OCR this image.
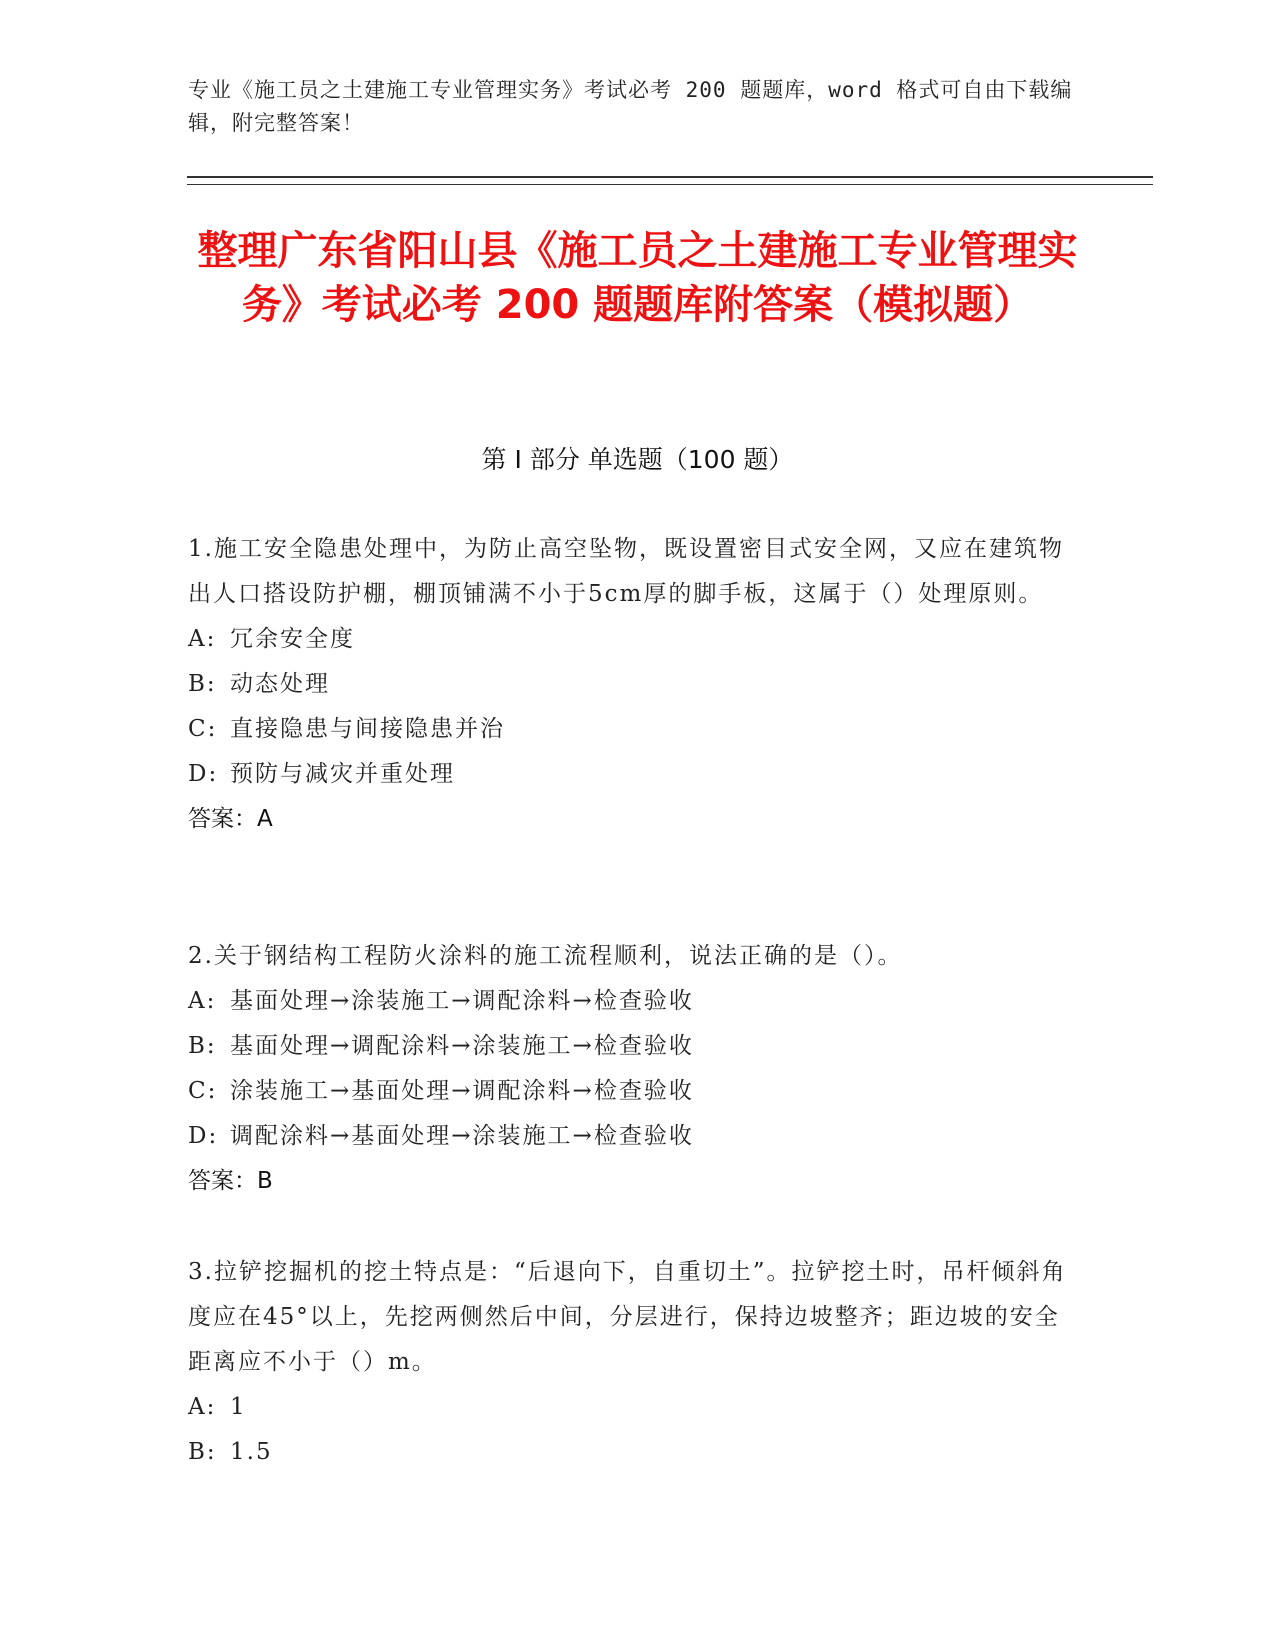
专业《施工员之土建施工专业管理实务》考试必考 200 题题库，word 格式可自由下载编辑，附完整答案！
整理广东省阳山县《施工员之土建施工专业管理实务》考试必考 200 题题库附答案（模拟题）
第 I 部分 单选题（100 题）
1.施工安全隐患处理中，为防止高空坠物，既设置密目式安全网，又应在建筑物出人口搭设防护棚，棚顶铺满不小于5cm厚的脚手板，这属于（）处理原则。
A: 冗余安全度
B: 动态处理
C: 直接隐患与间接隐患并治
D: 预防与减灾并重处理
答案：A
2.关于钢结构工程防火涂料的施工流程顺利，说法正确的是（）。
A: 基面处理→涂装施工→调配涂料→检查验收
B: 基面处理→调配涂料→涂装施工→检查验收
C: 涂装施工→基面处理→调配涂料→检查验收
D: 调配涂料→基面处理→涂装施工→检查验收
答案：B
3.拉铲挖掘机的挖土特点是：“后退向下，自重切土”。拉铲挖土时，吊杆倾斜角度应在45°以上，先挖两侧然后中间，分层进行，保持边坡整齐；距边坡的安全距离应不小于（）m。
A: 1
B: 1.5
